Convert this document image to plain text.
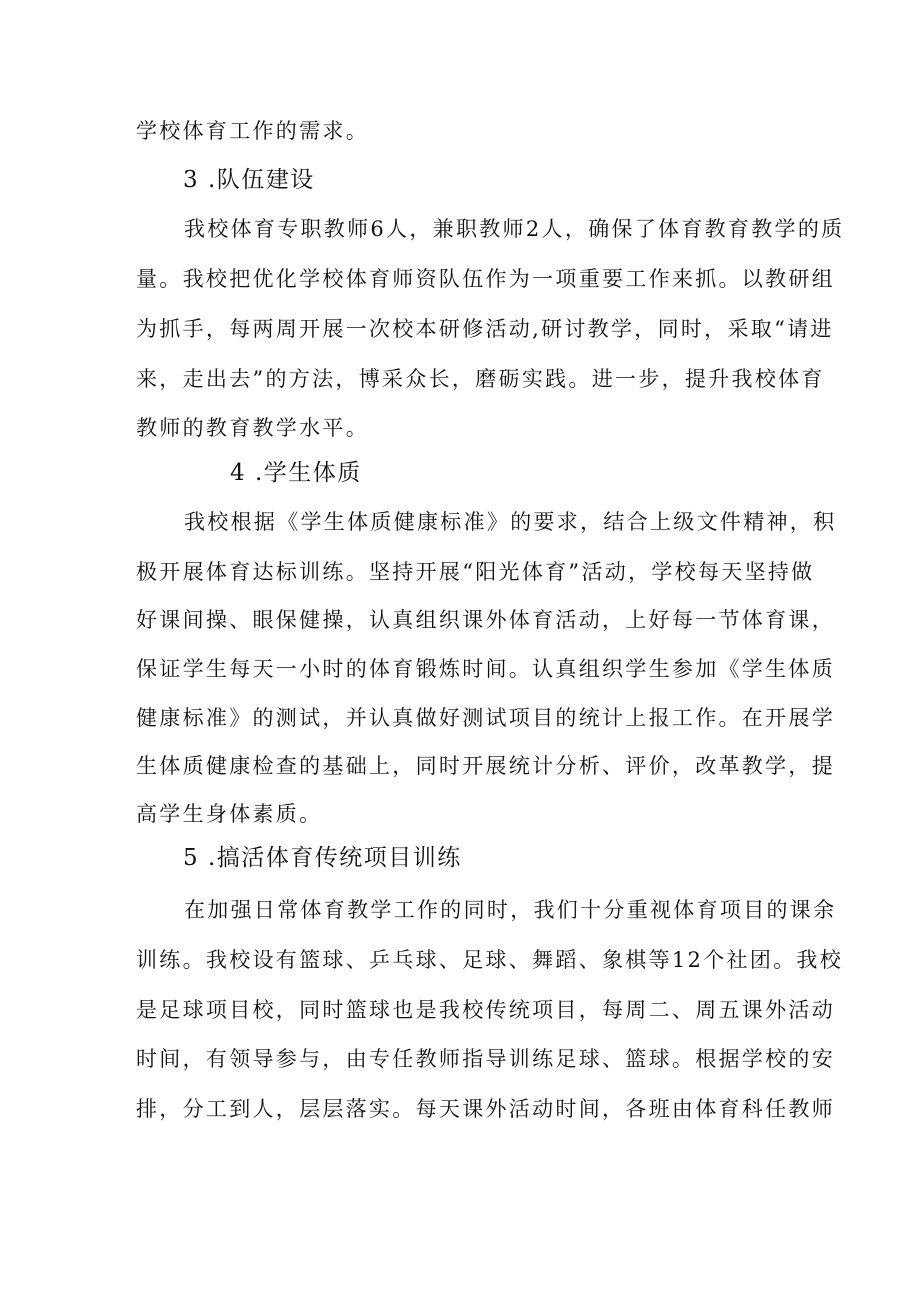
学校体育工作的需求。
3 .队伍建设
我校体育专职教师6人，兼职教师2人，确保了体育教育教学的质
量。我校把优化学校体育师资队伍作为一项重要工作来抓。以教研组
为抓手，每两周开展一次校本研修活动,研讨教学，同时，采取“请进
来，走出去”的方法，博采众长，磨砺实践。进一步，提升我校体育
教师的教育教学水平。
4 .学生体质
我校根据《学生体质健康标准》的要求，结合上级文件精神，积
极开展体育达标训练。坚持开展“阳光体育”活动，学校每天坚持做
好课间操、眼保健操，认真组织课外体育活动，上好每一节体育课，
保证学生每天一小时的体育锻炼时间。认真组织学生参加《学生体质
健康标准》的测试，并认真做好测试项目的统计上报工作。在开展学
生体质健康检查的基础上，同时开展统计分析、评价，改革教学，提
高学生身体素质。
5 .搞活体育传统项目训练
在加强日常体育教学工作的同时，我们十分重视体育项目的课余
训练。我校设有篮球、乒乓球、足球、舞蹈、象棋等12个社团。我校
是足球项目校，同时篮球也是我校传统项目，每周二、周五课外活动
时间，有领导参与，由专任教师指导训练足球、篮球。根据学校的安
排，分工到人，层层落实。每天课外活动时间，各班由体育科任教师
